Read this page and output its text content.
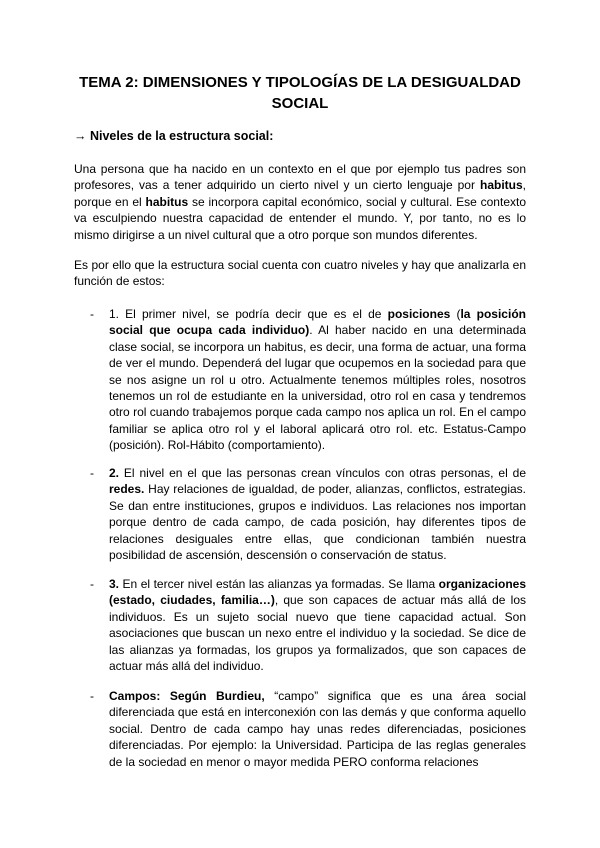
TEMA 2: DIMENSIONES Y TIPOLOGÍAS DE LA DESIGUALDAD SOCIAL
→ Niveles de la estructura social:

Una persona que ha nacido en un contexto en el que por ejemplo tus padres son profesores, vas a tener adquirido un cierto nivel y un cierto lenguaje por habitus, porque en el habitus se incorpora capital económico, social y cultural. Ese contexto va esculpiendo nuestra capacidad de entender el mundo. Y, por tanto, no es lo mismo dirigirse a un nivel cultural que a otro porque son mundos diferentes.

Es por ello que la estructura social cuenta con cuatro niveles y hay que analizarla en función de estos:

- 1. El primer nivel, se podría decir que es el de posiciones (la posición social que ocupa cada individuo). Al haber nacido en una determinada clase social, se incorpora un habitus, es decir, una forma de actuar, una forma de ver el mundo. Dependerá del lugar que ocupemos en la sociedad para que se nos asigne un rol u otro. Actualmente tenemos múltiples roles, nosotros tenemos un rol de estudiante en la universidad, otro rol en casa y tendremos otro rol cuando trabajemos porque cada campo nos aplica un rol. En el campo familiar se aplica otro rol y el laboral aplicará otro rol. etc. Estatus-Campo (posición). Rol-Hábito (comportamiento).

- 2. El nivel en el que las personas crean vínculos con otras personas, el de redes. Hay relaciones de igualdad, de poder, alianzas, conflictos, estrategias. Se dan entre instituciones, grupos e individuos. Las relaciones nos importan porque dentro de cada campo, de cada posición, hay diferentes tipos de relaciones desiguales entre ellas, que condicionan también nuestra posibilidad de ascensión, descensión o conservación de status.

- 3. En el tercer nivel están las alianzas ya formadas. Se llama organizaciones (estado, ciudades, familia…), que son capaces de actuar más allá de los individuos. Es un sujeto social nuevo que tiene capacidad actual. Son asociaciones que buscan un nexo entre el individuo y la sociedad. Se dice de las alianzas ya formadas, los grupos ya formalizados, que son capaces de actuar más allá del individuo.

- Campos: Según Burdieu, “campo” significa que es una área social diferenciada que está en interconexión con las demás y que conforma aquello social. Dentro de cada campo hay unas redes diferenciadas, posiciones diferenciadas. Por ejemplo: la Universidad. Participa de las reglas generales de la sociedad en menor o mayor medida PERO conforma relaciones
